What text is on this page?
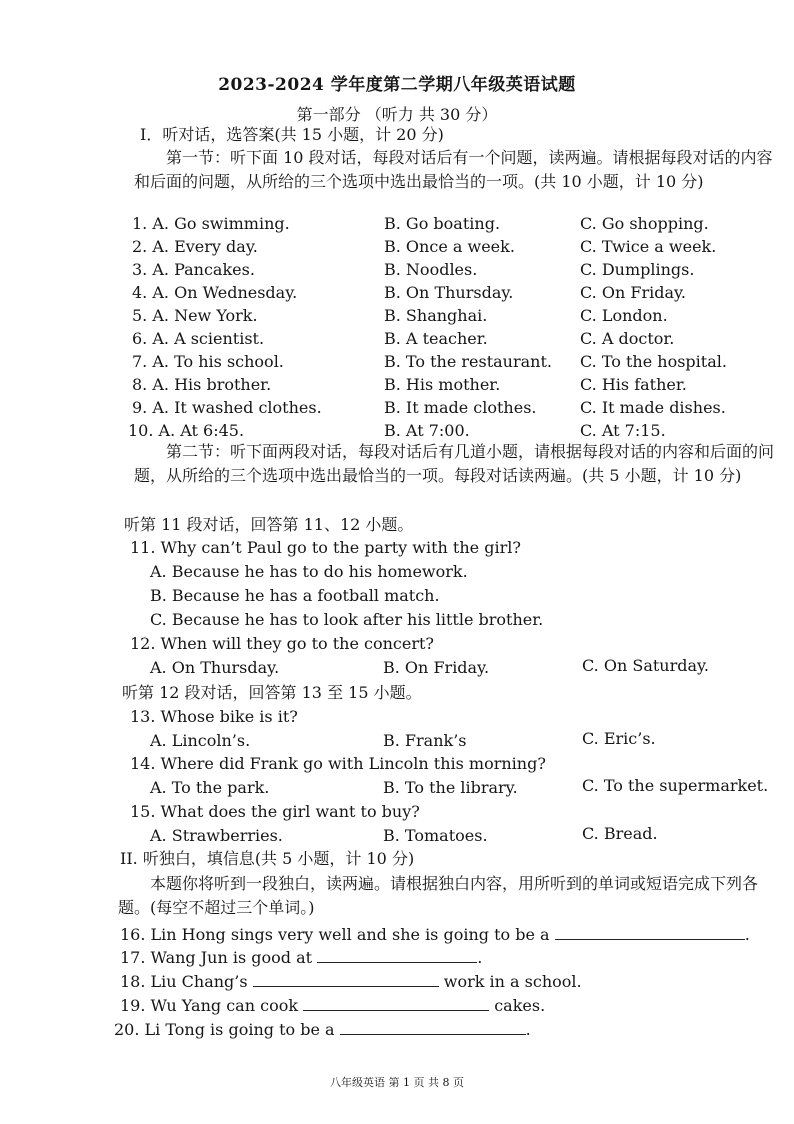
2023-2024 学年度第二学期八年级英语试题
第一部分 （听力 共 30 分）
I．听对话，选答案(共 15 小题，计 20 分)
第一节：听下面 10 段对话，每段对话后有一个问题，读两遍。请根据每段对话的内容和后面的问题，从所给的三个选项中选出最恰当的一项。(共 10 小题，计 10 分)
1. A. Go swimming.	B. Go boating.	C. Go shopping.
2. A. Every day.	B. Once a week.	C. Twice a week.
3. A. Pancakes.	B. Noodles.	C. Dumplings.
4. A. On Wednesday.	B. On Thursday.	C. On Friday.
5. A. New York.	B. Shanghai.	C. London.
6. A. A scientist.	B. A teacher.	C. A doctor.
7. A. To his school.	B. To the restaurant. C. To the hospital.
8. A. His brother.	B. His mother.	C. His father.
9. A. It washed clothes.	B. It made clothes.	C. It made dishes.
10. A. At 6:45.	B. At 7:00.	C. At 7:15.
第二节：听下面两段对话，每段对话后有几道小题，请根据每段对话的内容和后面的问题，从所给的三个选项中选出最恰当的一项。每段对话读两遍。(共 5 小题，计 10 分)
听第 11 段对话，回答第 11、12 小题。
11. Why can’t Paul go to the party with the girl?
A. Because he has to do his homework.
B. Because he has a football match.
C. Because he has to look after his little brother.
12. When will they go to the concert?
A. On Thursday.	B. On Friday.	C. On Saturday.
听第 12 段对话，回答第 13 至 15 小题。
13. Whose bike is it?
A. Lincoln’s.	B. Frank’s	C. Eric’s.
14. Where did Frank go with Lincoln this morning?
A. To the park.	B. To the library.	C. To the supermarket.
15. What does the girl want to buy?
A. Strawberries.	B. Tomatoes.	C. Bread.
II. 听独白，填信息(共 5 小题，计 10 分)
本题你将听到一段独白，读两遍。请根据独白内容，用所听到的单词或短语完成下列各题。(每空不超过三个单词。)
16. Lin Hong sings very well and she is going to be a	.
17. Wang Jun is good at	.
18. Liu Chang’s	work in a school.
19. Wu Yang can cook	cakes.
20. Li Tong is going to be a	.
八年级英语 第 1 页 共 8 页
